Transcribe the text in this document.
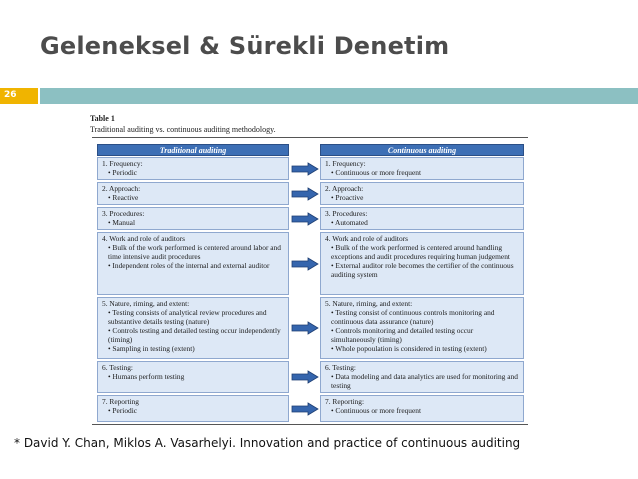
26
Geleneksel & Sürekli Denetim
Table 1
Traditional auditing vs. continuous auditing methodology.
Traditional auditing	Continuous auditing
1. Frequency:
• Periodic
1. Frequency:
• Continuous or more frequent
2. Approach:
• Reactive
2. Approach:
• Proactive
3. Procedures:
• Manual
3. Procedures:
• Automated
4. Work and role of auditors
• Bulk of the work performed is centered around labor and time intensive audit procedures
• Independent roles of the internal and external auditor
4. Work and role of auditors
• Bulk of the work performed is centered around handling exceptions and audit procedures requiring human judgement
• External auditor role becomes the certifier of the continuous auditing system
5. Nature, riming, and extent:
• Testing consists of analytical review procedures and substantive details testing (nature)
• Controls testing and detailed testing occur independently (timing)
• Sampling in testing (extent)
5. Nature, riming, and extent:
• Testing consist of continuous controls monitoring and continuous data assurance (nature)
• Controls monitoring and detailed testing occur simultaneously (timing)
• Whole popoulation is considered in testing (extent)
6. Testing:
• Humans perform testing
6. Testing:
• Data modeling and data analytics are used for monitoring and testing
7. Reporting
• Periodic
7. Reporting:
• Continuous or more frequent
* David Y. Chan, Miklos A. Vasarhelyi. Innovation and practice of continuous auditing
